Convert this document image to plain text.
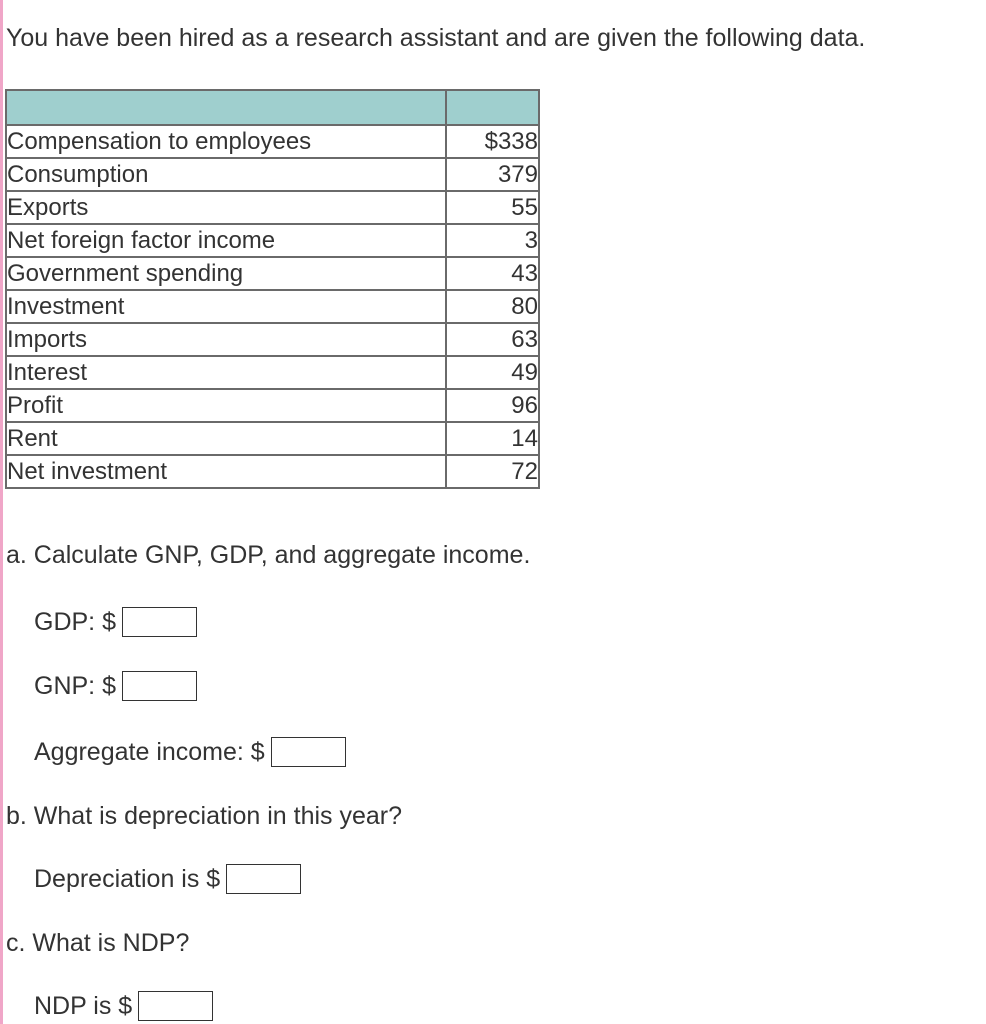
You have been hired as a research assistant and are given the following data.

Compensation to employees	$338
Consumption	379
Exports	55
Net foreign factor income	3
Government spending	43
Investment	80
Imports	63
Interest	49
Profit	96
Rent	14
Net investment	72
a. Calculate GNP, GDP, and aggregate income.
GDP: $
GNP: $
Aggregate income: $
b. What is depreciation in this year?
Depreciation is $
c. What is NDP?
NDP is $
